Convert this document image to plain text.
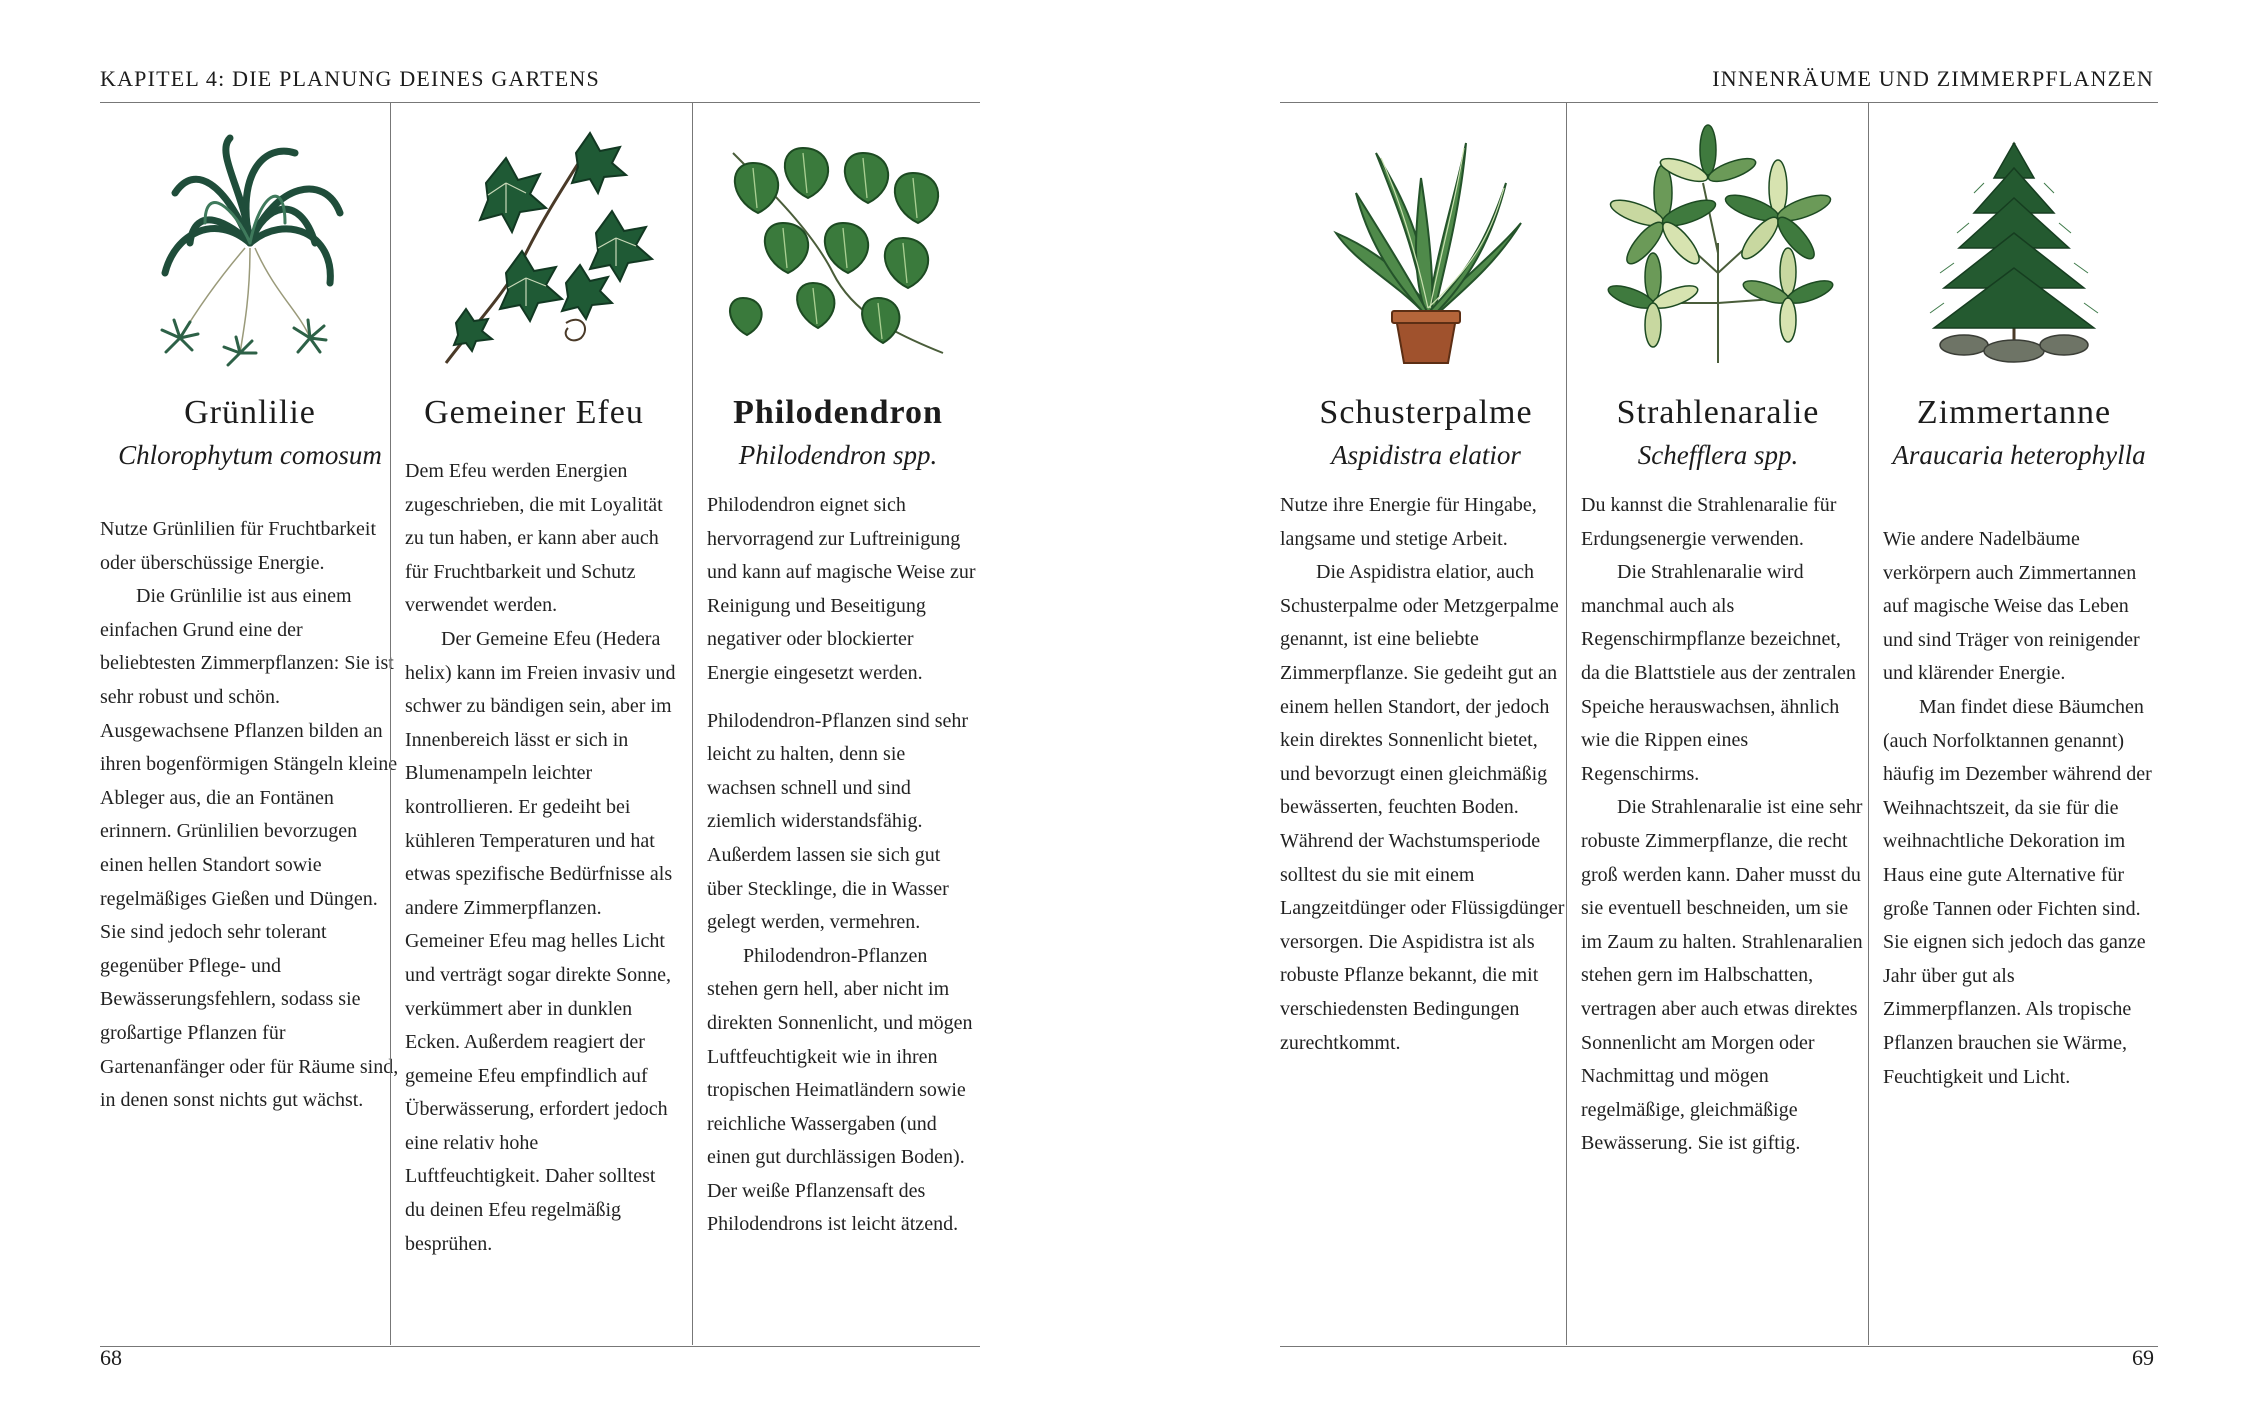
KAPITEL 4: DIE PLANUNG DEINES GARTENS
Grünlilie
Chlorophytum comosum

Nutze Grünlilien für Fruchtbarkeit oder überschüssige Energie.

Die Grünlilie ist aus einem einfachen Grund eine der beliebtesten Zimmerpflanzen: Sie ist sehr robust und schön. Ausgewachsene Pflanzen bilden an ihren bogenförmigen Stängeln kleine Ableger aus, die an Fontänen erinnern. Grünlilien bevorzugen einen hellen Standort sowie regelmäßiges Gießen und Düngen. Sie sind jedoch sehr tolerant gegenüber Pflege- und Bewässerungsfehlern, sodass sie großartige Pflanzen für Gartenanfänger oder für Räume sind, in denen sonst nichts gut wächst.

Gemeiner Efeu

Dem Efeu werden Energien zugeschrieben, die mit Loyalität zu tun haben, er kann aber auch für Fruchtbarkeit und Schutz verwendet werden.

Der Gemeine Efeu (Hedera helix) kann im Freien invasiv und schwer zu bändigen sein, aber im Innenbereich lässt er sich in Blumenampeln leichter kontrollieren. Er gedeiht bei kühleren Temperaturen und hat etwas spezifische Bedürfnisse als andere Zimmerpflanzen. Gemeiner Efeu mag helles Licht und verträgt sogar direkte Sonne, verkümmert aber in dunklen Ecken. Außerdem reagiert der gemeine Efeu empfindlich auf Überwässerung, erfordert jedoch eine relativ hohe Luftfeuchtigkeit. Daher solltest du deinen Efeu regelmäßig besprühen.

Philodendron
Philodendron spp.

Philodendron eignet sich hervorragend zur Luftreinigung und kann auf magische Weise zur Reinigung und Beseitigung negativer oder blockierter Energie eingesetzt werden.

Philodendron-Pflanzen sind sehr leicht zu halten, denn sie wachsen schnell und sind ziemlich widerstandsfähig. Außerdem lassen sie sich gut über Stecklinge, die in Wasser gelegt werden, vermehren.

Philodendron-Pflanzen stehen gern hell, aber nicht im direkten Sonnenlicht, und mögen Luftfeuchtigkeit wie in ihren tropischen Heimatländern sowie reichliche Wassergaben (und einen gut durchlässigen Boden). Der weiße Pflanzensaft des Philodendrons ist leicht ätzend.

68
INNENRÄUME UND ZIMMERPFLANZEN
Schusterpalme
Aspidistra elatior

Nutze ihre Energie für Hingabe, langsame und stetige Arbeit.

Die Aspidistra elatior, auch Schusterpalme oder Metzgerpalme genannt, ist eine beliebte Zimmerpflanze. Sie gedeiht gut an einem hellen Standort, der jedoch kein direktes Sonnenlicht bietet, und bevorzugt einen gleichmäßig bewässerten, feuchten Boden. Während der Wachstumsperiode solltest du sie mit einem Langzeitdünger oder Flüssigdünger versorgen. Die Aspidistra ist als robuste Pflanze bekannt, die mit verschiedensten Bedingungen zurechtkommt.

Strahlenaralie
Schefflera spp.

Du kannst die Strahlenaralie für Erdungsenergie verwenden.

Die Strahlenaralie wird manchmal auch als Regenschirmpflanze bezeichnet, da die Blattstiele aus der zentralen Speiche herauswachsen, ähnlich wie die Rippen eines Regenschirms.

Die Strahlenaralie ist eine sehr robuste Zimmerpflanze, die recht groß werden kann. Daher musst du sie eventuell beschneiden, um sie im Zaum zu halten. Strahlenaralien stehen gern im Halbschatten, vertragen aber auch etwas direktes Sonnenlicht am Morgen oder Nachmittag und mögen regelmäßige, gleichmäßige Bewässerung. Sie ist giftig.

Zimmertanne
Araucaria heterophylla

Wie andere Nadelbäume verkörpern auch Zimmertannen auf magische Weise das Leben und sind Träger von reinigender und klärender Energie.

Man findet diese Bäumchen (auch Norfolktannen genannt) häufig im Dezember während der Weihnachtszeit, da sie für die weihnachtliche Dekoration im Haus eine gute Alternative für große Tannen oder Fichten sind. Sie eignen sich jedoch das ganze Jahr über gut als Zimmerpflanzen. Als tropische Pflanzen brauchen sie Wärme, Feuchtigkeit und Licht.

69
